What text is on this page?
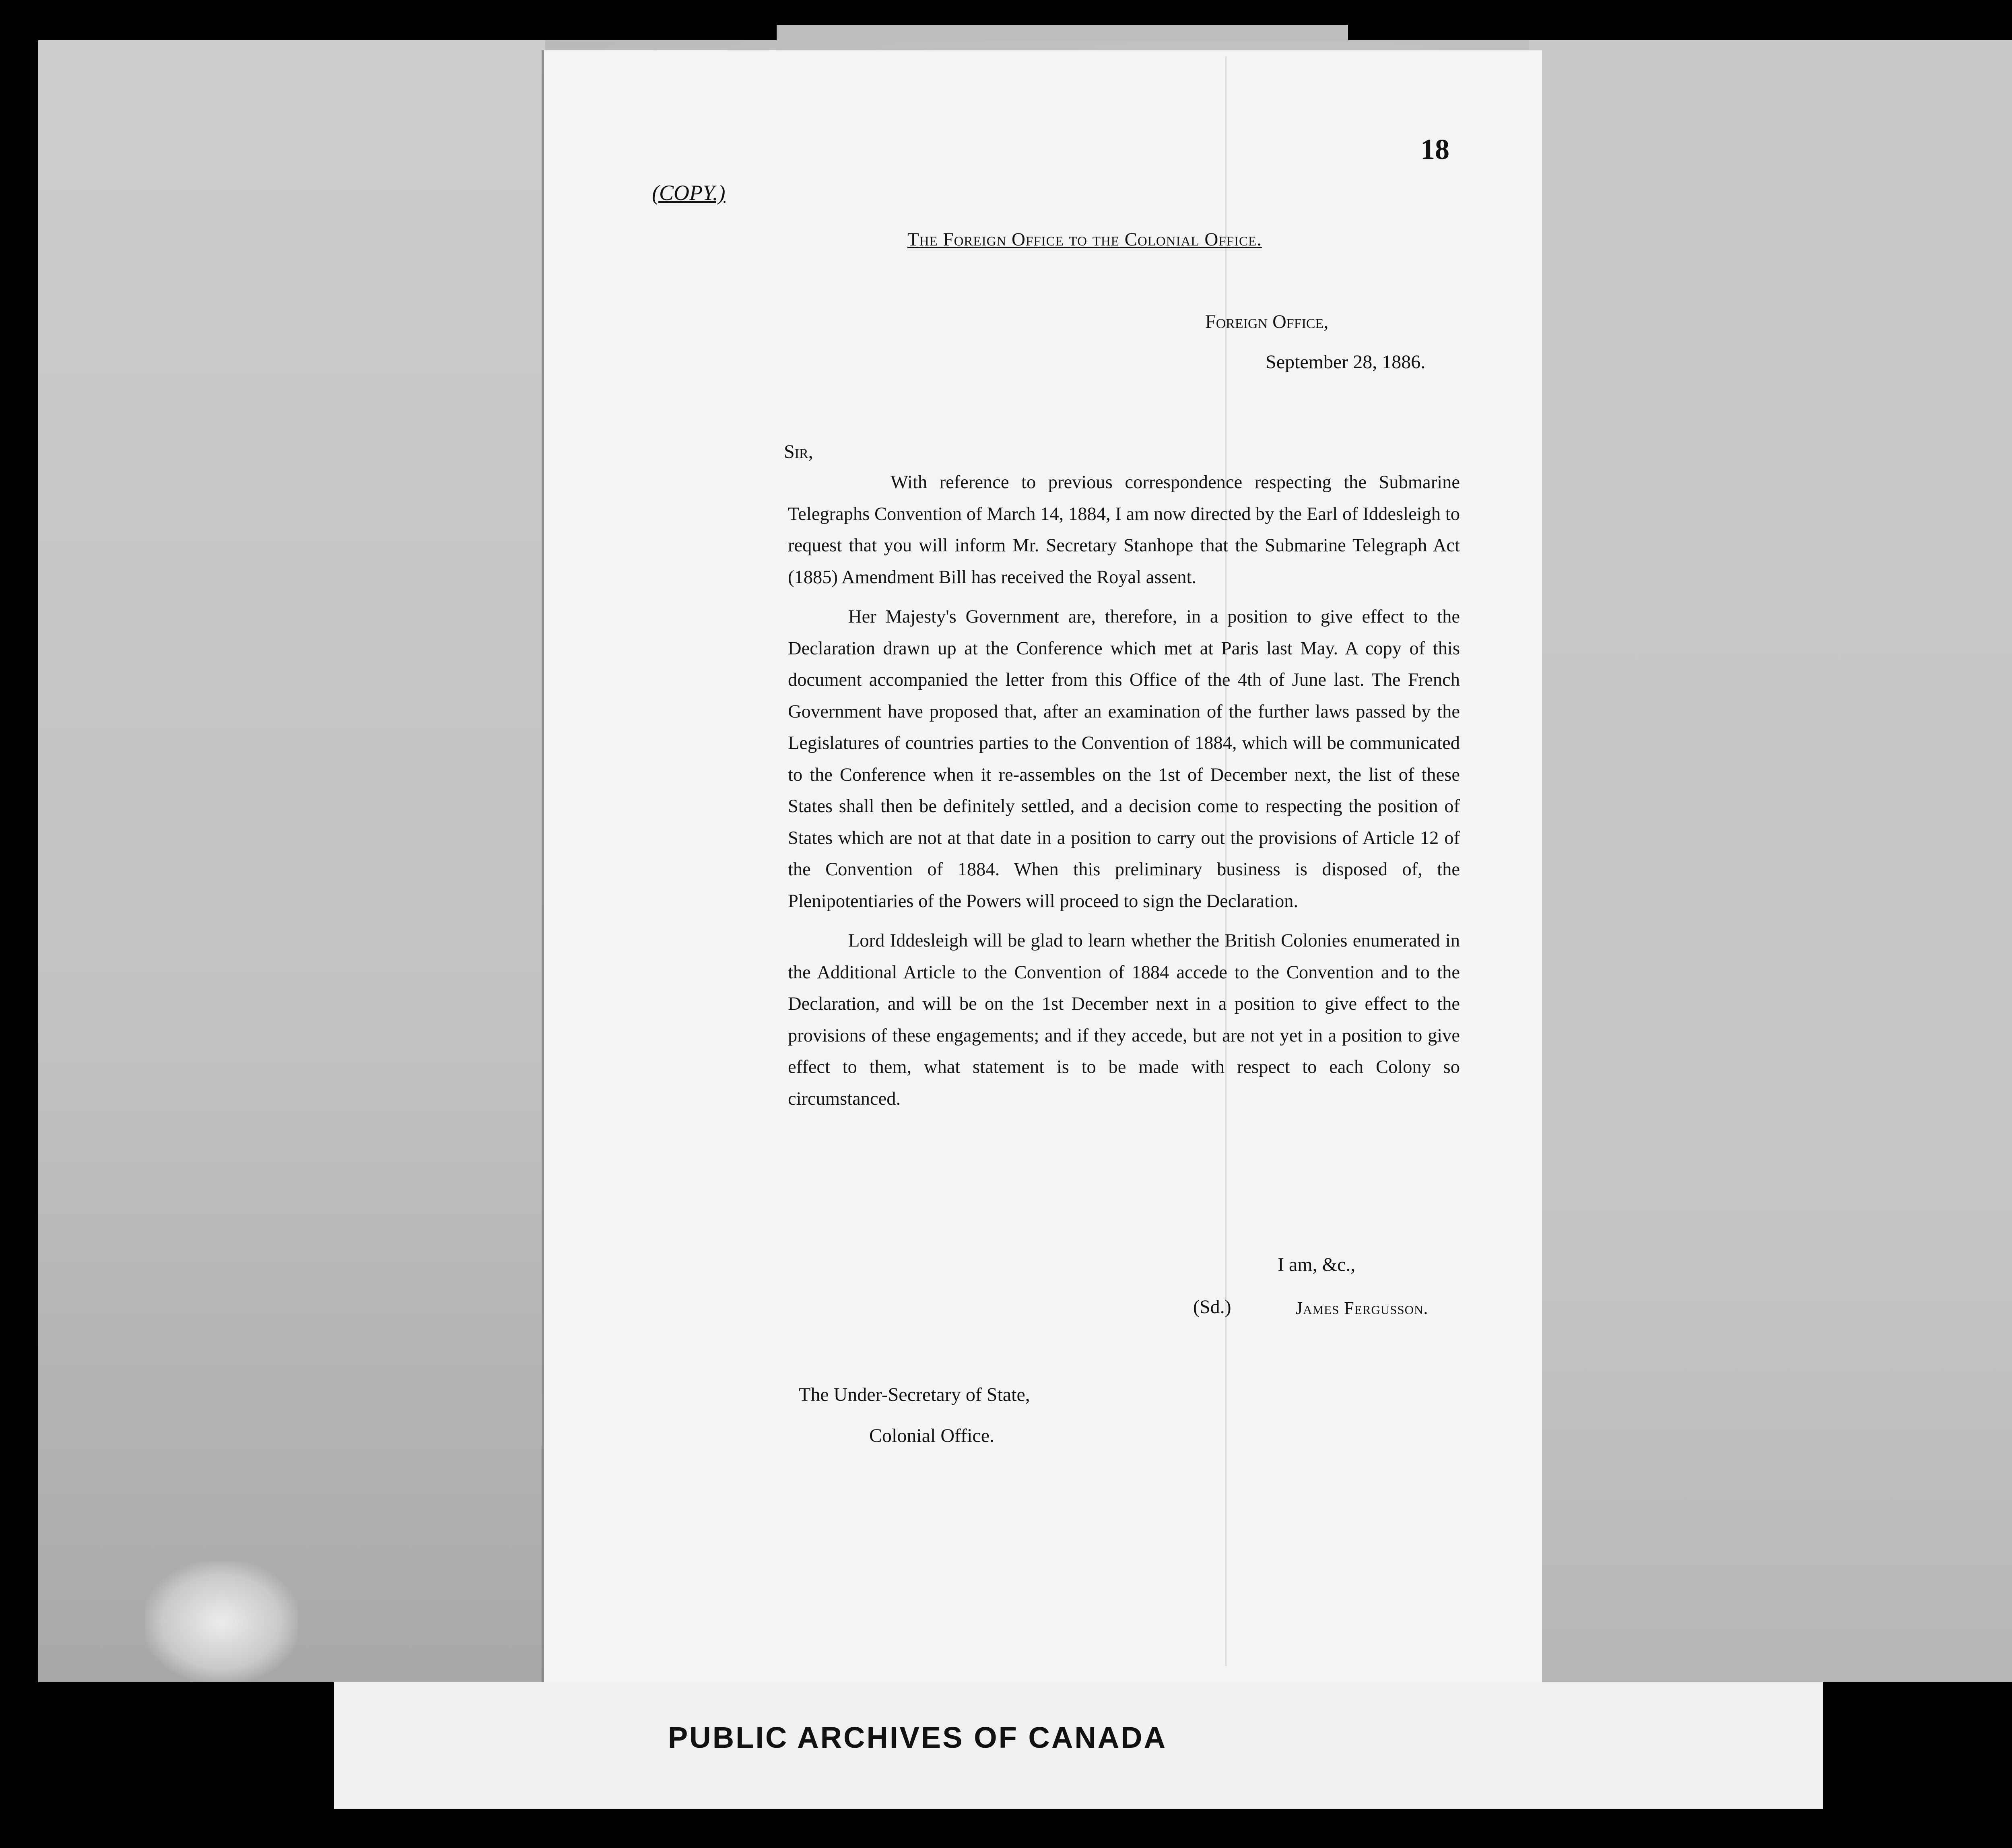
18
(COPY.)
The Foreign Office to the Colonial Office.
Foreign Office,
September 28, 1886.
Sir,

With reference to previous correspondence respecting the Submarine Telegraphs Convention of March 14, 1884, I am now directed by the Earl of Iddesleigh to request that you will inform Mr. Secretary Stanhope that the Submarine Telegraph Act (1885) Amendment Bill has received the Royal assent.

Her Majesty's Government are, therefore, in a position to give effect to the Declaration drawn up at the Conference which met at Paris last May. A copy of this document accompanied the letter from this Office of the 4th of June last. The French Government have proposed that, after an examination of the further laws passed by the Legislatures of countries parties to the Convention of 1884, which will be communicated to the Conference when it re-assembles on the 1st of December next, the list of these States shall then be definitely settled, and a decision come to respecting the position of States which are not at that date in a position to carry out the provisions of Article 12 of the Convention of 1884. When this preliminary business is disposed of, the Plenipotentiaries of the Powers will proceed to sign the Declaration.

Lord Iddesleigh will be glad to learn whether the British Colonies enumerated in the Additional Article to the Convention of 1884 accede to the Convention and to the Declaration, and will be on the 1st December next in a position to give effect to the provisions of these engagements; and if they accede, but are not yet in a position to give effect to them, what statement is to be made with respect to each Colony so circumstanced.

I am, &c.,
(Sd.)	James Fergusson.
The Under-Secretary of State,
Colonial Office.
PUBLIC ARCHIVES OF CANADA
